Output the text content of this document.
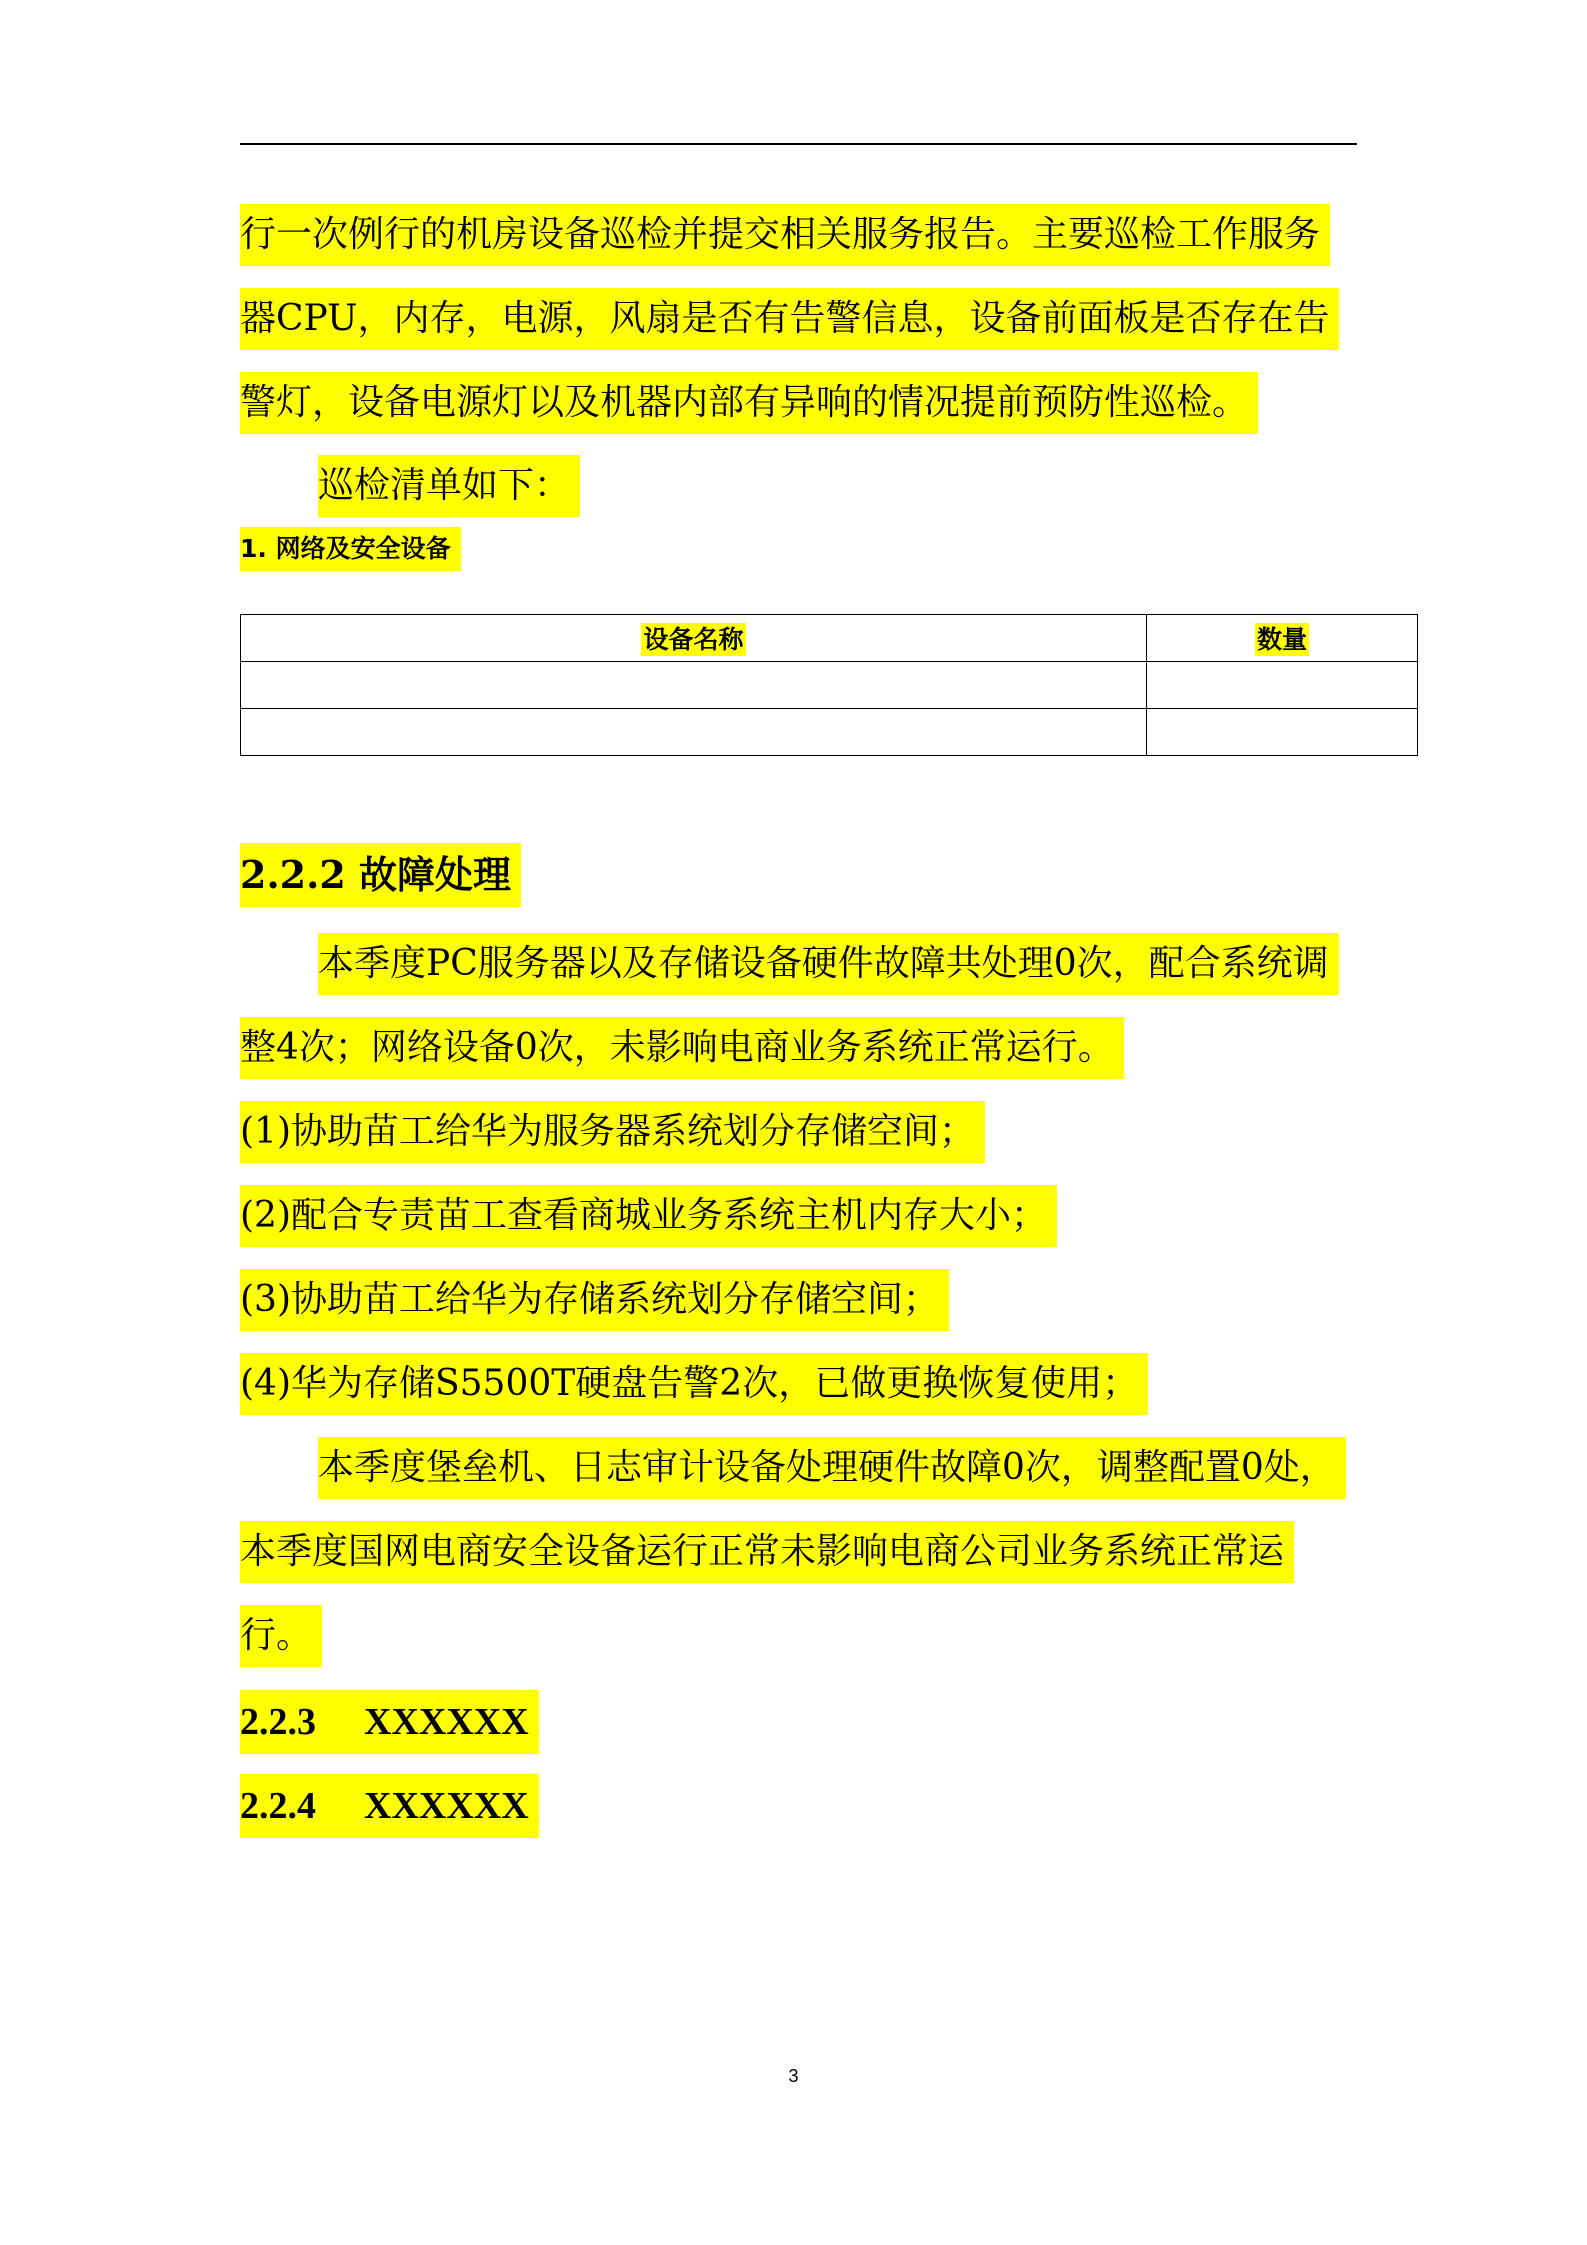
行一次例行的机房设备巡检并提交相关服务报告。主要巡检工作服务
器CPU，内存，电源，风扇是否有告警信息，设备前面板是否存在告
警灯，设备电源灯以及机器内部有异响的情况提前预防性巡检。
巡检清单如下：
1. 网络及安全设备
设备名称	数量

2.2.2 故障处理
本季度PC服务器以及存储设备硬件故障共处理0次，配合系统调
整4次；网络设备0次，未影响电商业务系统正常运行。
(1)协助苗工给华为服务器系统划分存储空间；
(2)配合专责苗工查看商城业务系统主机内存大小；
(3)协助苗工给华为存储系统划分存储空间；
(4)华为存储S5500T硬盘告警2次，已做更换恢复使用；
本季度堡垒机、日志审计设备处理硬件故障0次，调整配置0处，
本季度国网电商安全设备运行正常未影响电商公司业务系统正常运
行。
2.2.3 XXXXXX
2.2.4 XXXXXX
3
